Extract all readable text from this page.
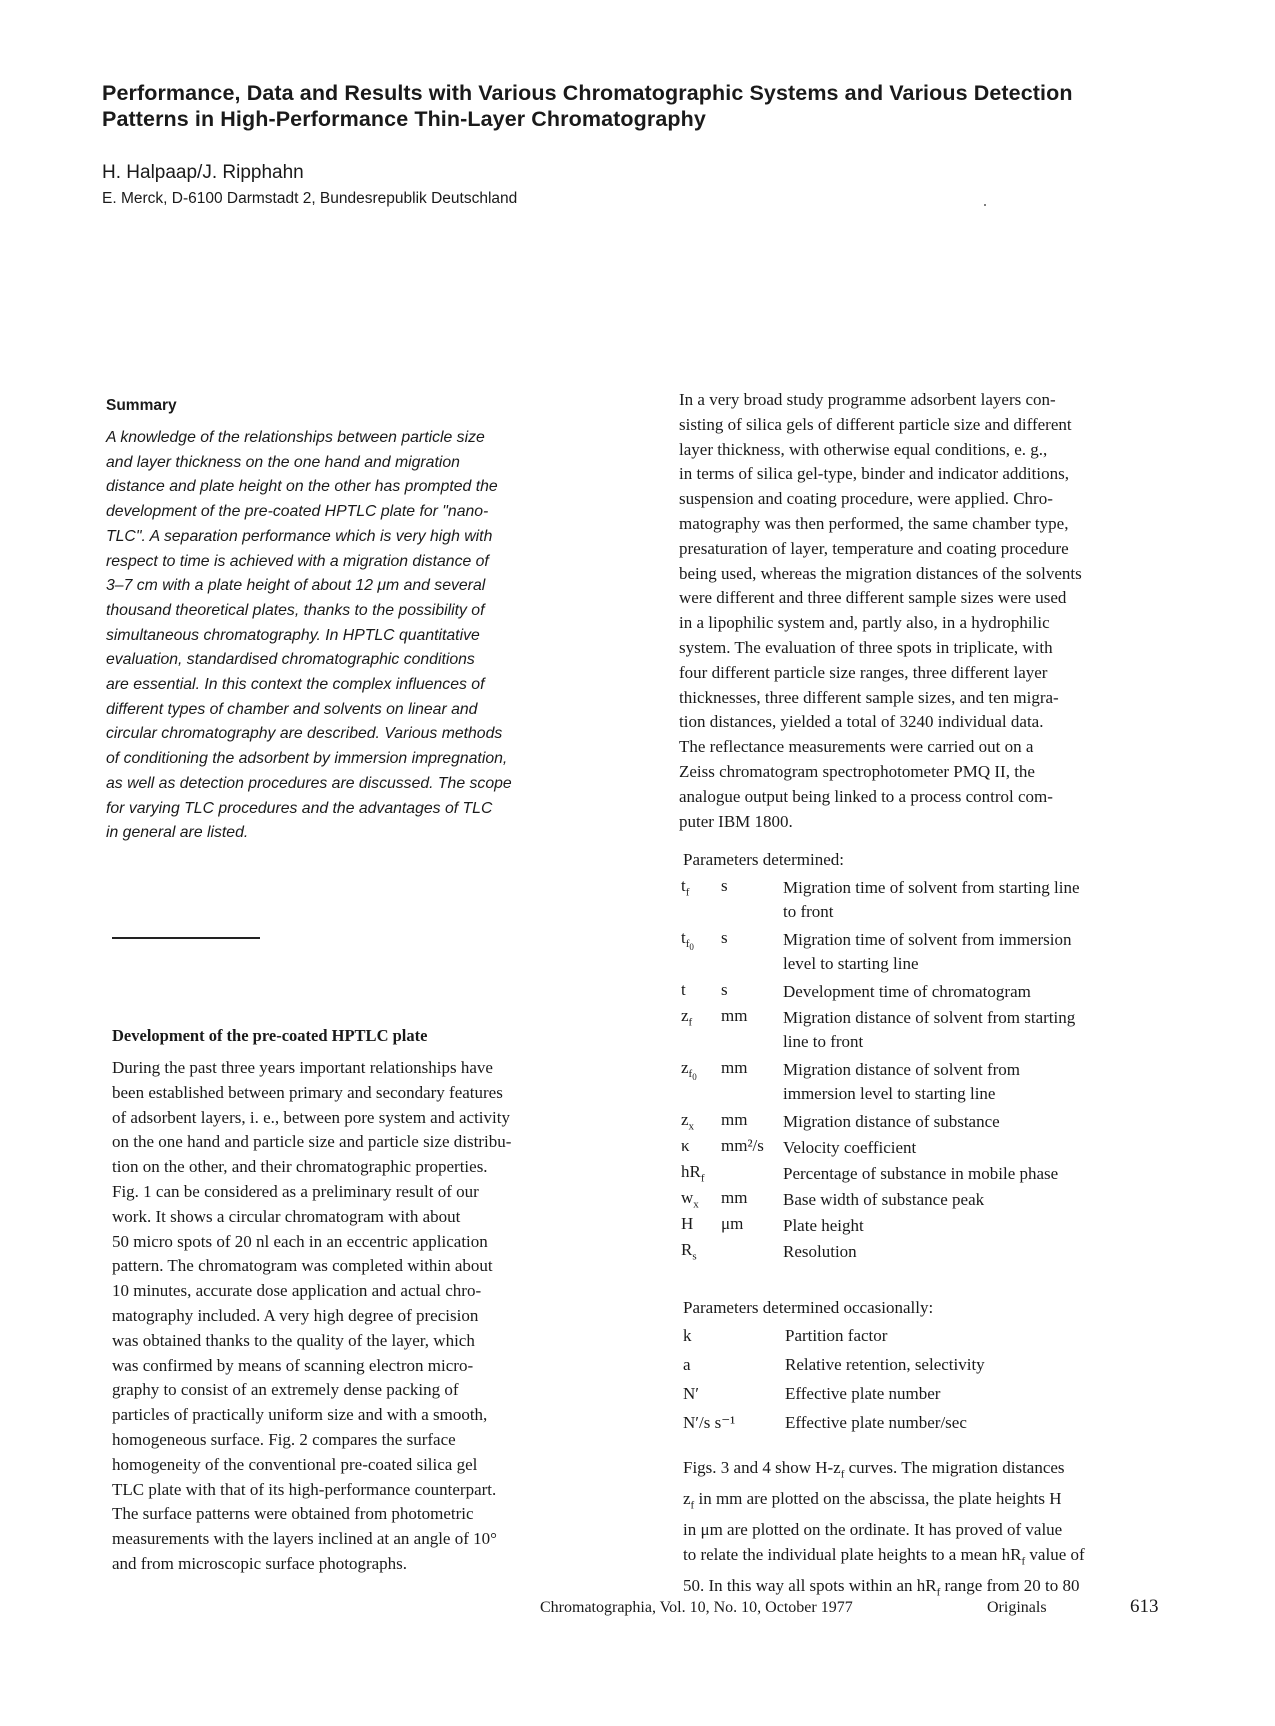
Performance, Data and Results with Various Chromatographic Systems and Various Detection
Patterns in High-Performance Thin-Layer Chromatography
H. Halpaap/J. Ripphahn
E. Merck, D-6100 Darmstadt 2, Bundesrepublik Deutschland
Summary
A knowledge of the relationships between particle size
and layer thickness on the one hand and migration
distance and plate height on the other has prompted the
development of the pre-coated HPTLC plate for "nano-
TLC". A separation performance which is very high with
respect to time is achieved with a migration distance of
3–7 cm with a plate height of about 12 μm and several
thousand theoretical plates, thanks to the possibility of
simultaneous chromatography. In HPTLC quantitative
evaluation, standardised chromatographic conditions
are essential. In this context the complex influences of
different types of chamber and solvents on linear and
circular chromatography are described. Various methods
of conditioning the adsorbent by immersion impregnation,
as well as detection procedures are discussed. The scope
for varying TLC procedures and the advantages of TLC
in general are listed.
Development of the pre-coated HPTLC plate
During the past three years important relationships have
been established between primary and secondary features
of adsorbent layers, i. e., between pore system and activity
on the one hand and particle size and particle size distribu-
tion on the other, and their chromatographic properties.
Fig. 1 can be considered as a preliminary result of our
work. It shows a circular chromatogram with about
50 micro spots of 20 nl each in an eccentric application
pattern. The chromatogram was completed within about
10 minutes, accurate dose application and actual chro-
matography included. A very high degree of precision
was obtained thanks to the quality of the layer, which
was confirmed by means of scanning electron micro-
graphy to consist of an extremely dense packing of
particles of practically uniform size and with a smooth,
homogeneous surface. Fig. 2 compares the surface
homogeneity of the conventional pre-coated silica gel
TLC plate with that of its high-performance counterpart.
The surface patterns were obtained from photometric
measurements with the layers inclined at an angle of 10°
and from microscopic surface photographs.
In a very broad study programme adsorbent layers con-
sisting of silica gels of different particle size and different
layer thickness, with otherwise equal conditions, e. g.,
in terms of silica gel-type, binder and indicator additions,
suspension and coating procedure, were applied. Chro-
matography was then performed, the same chamber type,
presaturation of layer, temperature and coating procedure
being used, whereas the migration distances of the solvents
were different and three different sample sizes were used
in a lipophilic system and, partly also, in a hydrophilic
system. The evaluation of three spots in triplicate, with
four different particle size ranges, three different layer
thicknesses, three different sample sizes, and ten migra-
tion distances, yielded a total of 3240 individual data.
The reflectance measurements were carried out on a
Zeiss chromatogram spectrophotometer PMQ II, the
analogue output being linked to a process control com-
puter IBM 1800.
Parameters determined:
$t_f$ s	Migration time of solvent from starting line
to front
$t_{f_0}$
s	Migration time of solvent from immersion
level to starting line
t s	Development time of chromatogram
$z_f$ mm Migration distance of solvent from starting
line to front
$z_{f_0}$
mm Migration distance of solvent from
immersion level to starting line
$z_x$ mm Migration distance of substance
κ mm²/s Velocity coefficient
$hR_f$	Percentage of substance in mobile phase
$w_x$ mm Base width of substance peak
H μm Plate height
$R_s$	Resolution
Parameters determined occasionally:
k	Partition factor
a	Relative retention, selectivity
N′	Effective plate number
N′/s s⁻¹	Effective plate number/sec
Figs. 3 and 4 show $H-z_f$ curves. The migration distances
$z_f$ in mm are plotted on the abscissa, the plate heights H
in μm are plotted on the ordinate. It has proved of value
to relate the individual plate heights to a mean $hR_f$ value of
50. In this way all spots within an $hR_f$ range from 20 to 80
Chromatographia, Vol. 10, No. 10, October 1977	Originals	613
